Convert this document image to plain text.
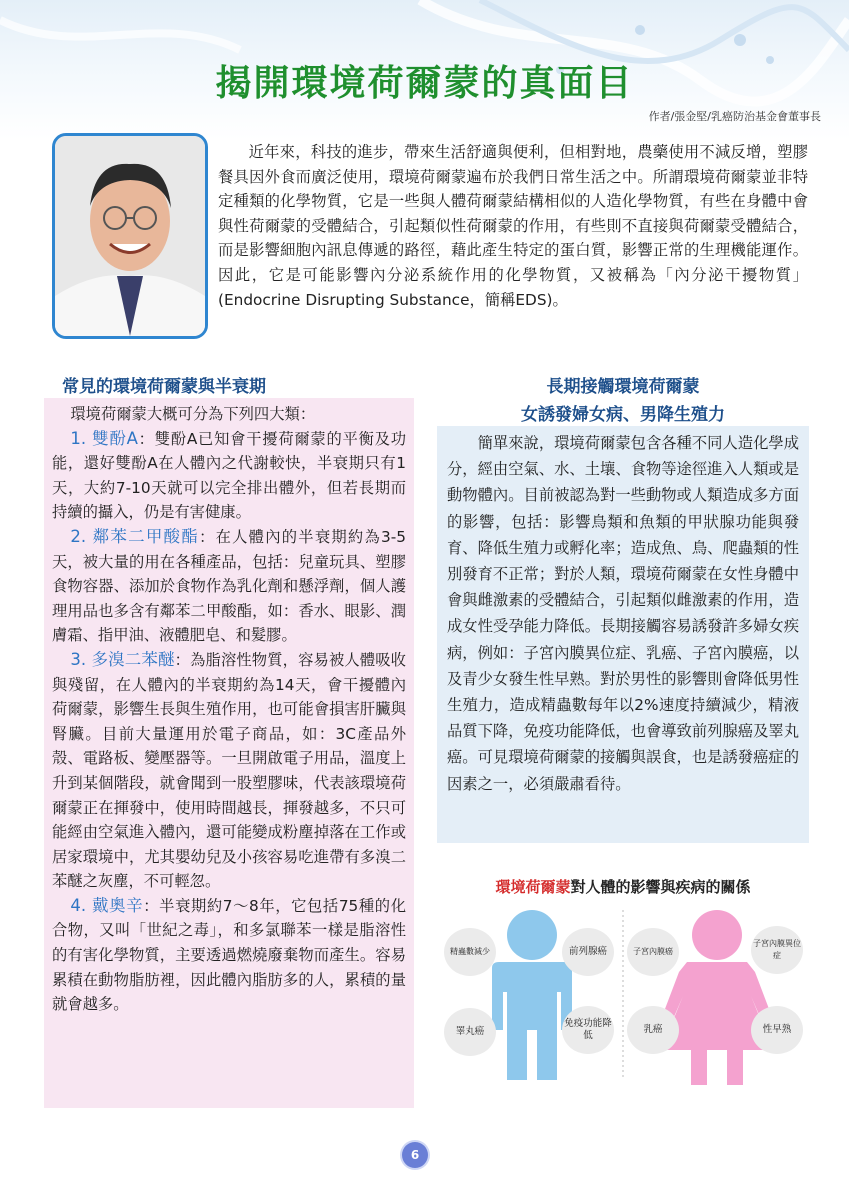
揭開環境荷爾蒙的真面目
作者/張金堅/乳癌防治基金會董事長
近年來，科技的進步，帶來生活舒適與便利，但相對地，農藥使用不減反增，塑膠餐具因外食而廣泛使用，環境荷爾蒙遍布於我們日常生活之中。所謂環境荷爾蒙並非特定種類的化學物質，它是一些與人體荷爾蒙結構相似的人造化學物質，有些在身體中會與性荷爾蒙的受體結合，引起類似性荷爾蒙的作用，有些則不直接與荷爾蒙受體結合，而是影響細胞內訊息傳遞的路徑，藉此產生特定的蛋白質，影響正常的生理機能運作。因此，它是可能影響內分泌系統作用的化學物質，又被稱為「內分泌干擾物質」(Endocrine Disrupting Substance，簡稱EDS)。
常見的環境荷爾蒙與半衰期

環境荷爾蒙大概可分為下列四大類：

1. 雙酚A：雙酚A已知會干擾荷爾蒙的平衡及功能，還好雙酚A在人體內之代謝較快，半衰期只有1天，大約7-10天就可以完全排出體外，但若長期而持續的攝入，仍是有害健康。

2. 鄰苯二甲酸酯：在人體內的半衰期約為3-5天，被大量的用在各種產品，包括：兒童玩具、塑膠食物容器、添加於食物作為乳化劑和懸浮劑，個人護理用品也多含有鄰苯二甲酸酯，如：香水、眼影、潤膚霜、指甲油、液體肥皂、和髮膠。

3. 多溴二苯醚：為脂溶性物質，容易被人體吸收與殘留，在人體內的半衰期約為14天，會干擾體內荷爾蒙，影響生長與生殖作用，也可能會損害肝臟與腎臟。目前大量運用於電子商品，如：3C產品外殼、電路板、變壓器等。一旦開啟電子用品，溫度上升到某個階段，就會聞到一股塑膠味，代表該環境荷爾蒙正在揮發中，使用時間越長，揮發越多，不只可能經由空氣進入體內，還可能變成粉塵掉落在工作或居家環境中，尤其嬰幼兒及小孩容易吃進帶有多溴二苯醚之灰塵，不可輕忽。

4. 戴奧辛：半衰期約7～8年，它包括75種的化合物，又叫「世紀之毒」，和多氯聯苯一樣是脂溶性的有害化學物質，主要透過燃燒廢棄物而產生。容易累積在動物脂肪裡，因此體內脂肪多的人，累積的量就會越多。

長期接觸環境荷爾蒙
女誘發婦女病、男降生殖力
簡單來說，環境荷爾蒙包含各種不同人造化學成分，經由空氣、水、土壤、食物等途徑進入人類或是動物體內。目前被認為對一些動物或人類造成多方面的影響，包括：影響鳥類和魚類的甲狀腺功能與發育、降低生殖力或孵化率；造成魚、鳥、爬蟲類的性別發育不正常；對於人類，環境荷爾蒙在女性身體中會與雌激素的受體結合，引起類似雌激素的作用，造成女性受孕能力降低。長期接觸容易誘發許多婦女疾病，例如：子宮內膜異位症、乳癌、子宮內膜癌，以及青少女發生性早熟。對於男性的影響則會降低男性生殖力，造成精蟲數每年以2%速度持續減少，精液品質下降，免疫功能降低，也會導致前列腺癌及睪丸癌。可見環境荷爾蒙的接觸與誤食，也是誘發癌症的因素之一，必須嚴肅看待。
環境荷爾蒙對人體的影響與疾病的關係
精蟲數減少	前列腺癌
睪丸癌
免疫功能降低
子宮內膜癌
子宮內膜異位症
乳癌	性早熟
6
